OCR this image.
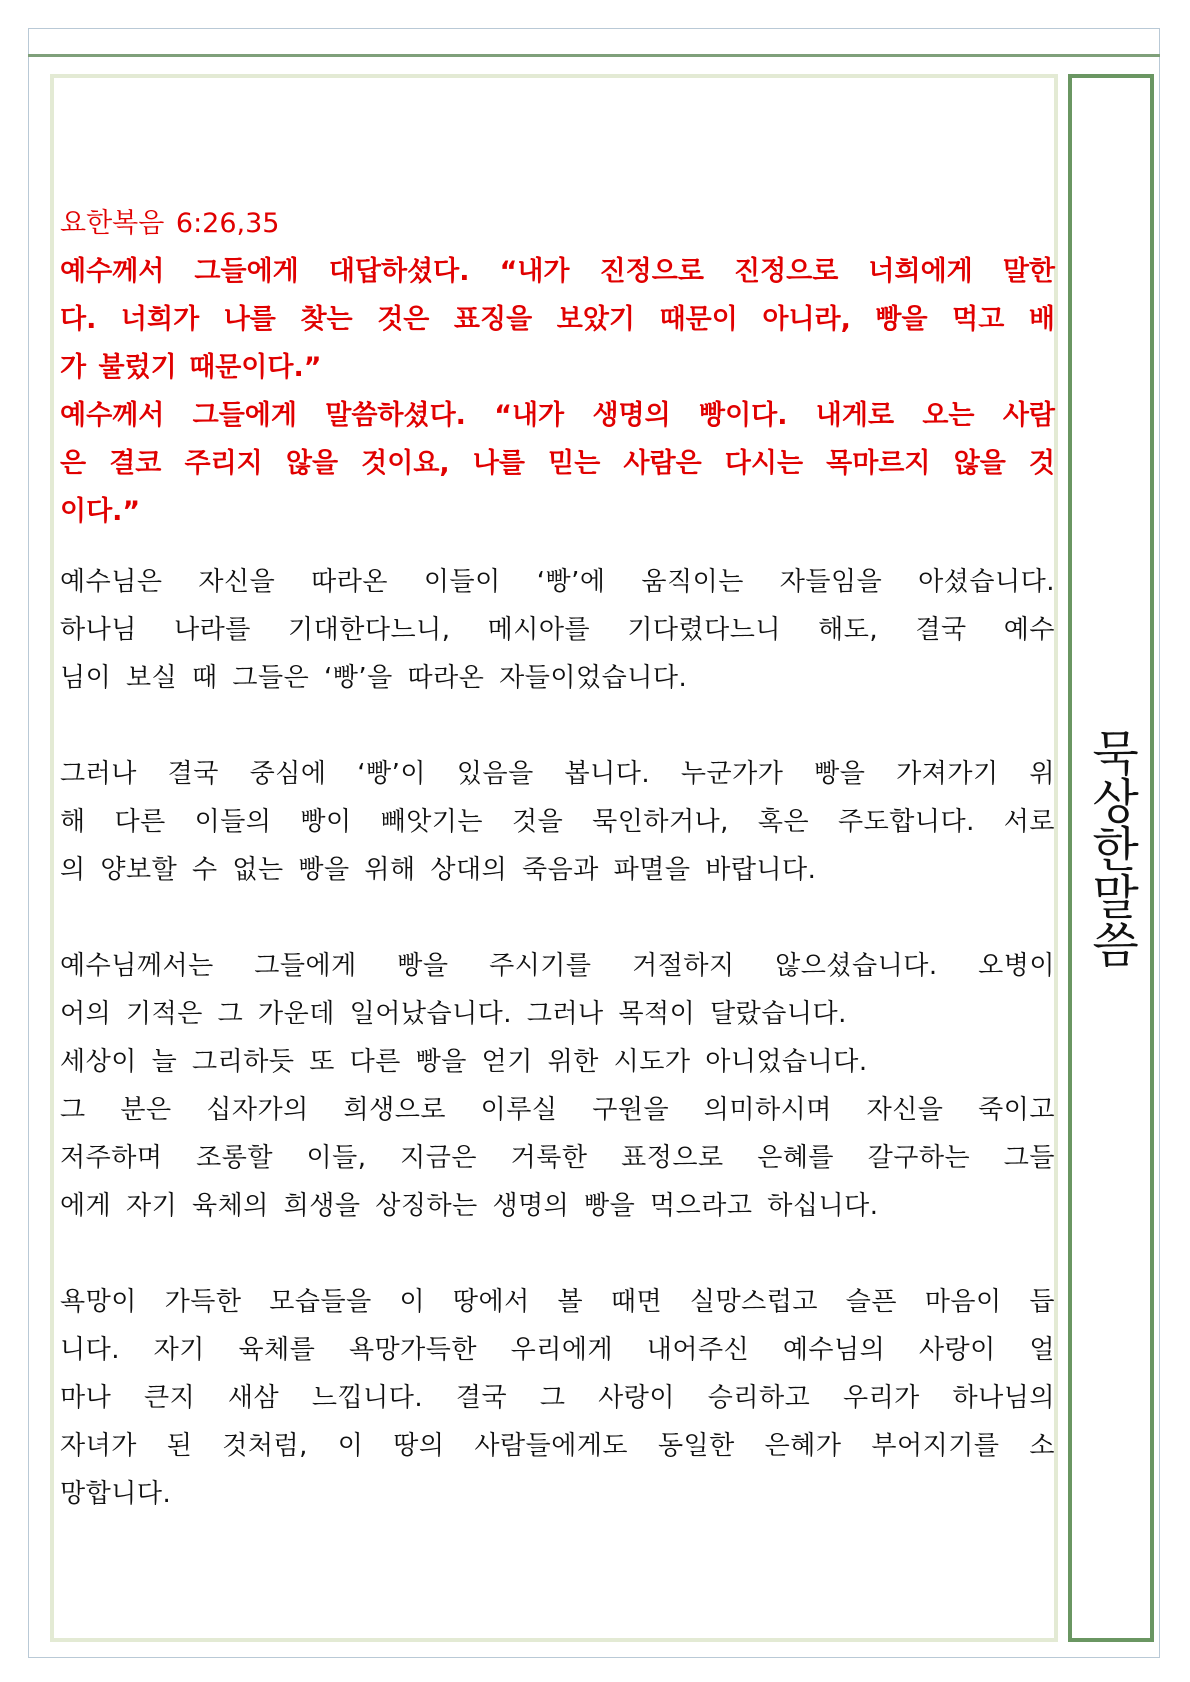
묵상한말씀

요한복음 6:26,35

예수께서 그들에게 대답하셨다. “내가 진정으로 진정으로 너희에게 말한

다. 너희가 나를 찾는 것은 표징을 보았기 때문이 아니라, 빵을 먹고 배

가 불렀기 때문이다.”

예수께서 그들에게 말씀하셨다. “내가 생명의 빵이다. 내게로 오는 사람

은 결코 주리지 않을 것이요, 나를 믿는 사람은 다시는 목마르지 않을 것

이다.”

예수님은 자신을 따라온 이들이 ‘빵’에 움직이는 자들임을 아셨습니다.

하나님 나라를 기대한다느니, 메시아를 기다렸다느니 해도, 결국 예수

님이 보실 때 그들은 ‘빵’을 따라온 자들이었습니다.

그러나 결국 중심에 ‘빵’이 있음을 봅니다. 누군가가 빵을 가져가기 위

해 다른 이들의 빵이 빼앗기는 것을 묵인하거나, 혹은 주도합니다. 서로

의 양보할 수 없는 빵을 위해 상대의 죽음과 파멸을 바랍니다.

예수님께서는 그들에게 빵을 주시기를 거절하지 않으셨습니다. 오병이

어의 기적은 그 가운데 일어났습니다. 그러나 목적이 달랐습니다.

세상이 늘 그리하듯 또 다른 빵을 얻기 위한 시도가 아니었습니다.

그 분은 십자가의 희생으로 이루실 구원을 의미하시며 자신을 죽이고

저주하며 조롱할 이들, 지금은 거룩한 표정으로 은혜를 갈구하는 그들

에게 자기 육체의 희생을 상징하는 생명의 빵을 먹으라고 하십니다.

욕망이 가득한 모습들을 이 땅에서 볼 때면 실망스럽고 슬픈 마음이 듭

니다. 자기 육체를 욕망가득한 우리에게 내어주신 예수님의 사랑이 얼

마나 큰지 새삼 느낍니다. 결국 그 사랑이 승리하고 우리가 하나님의

자녀가 된 것처럼, 이 땅의 사람들에게도 동일한 은혜가 부어지기를 소

망합니다.
